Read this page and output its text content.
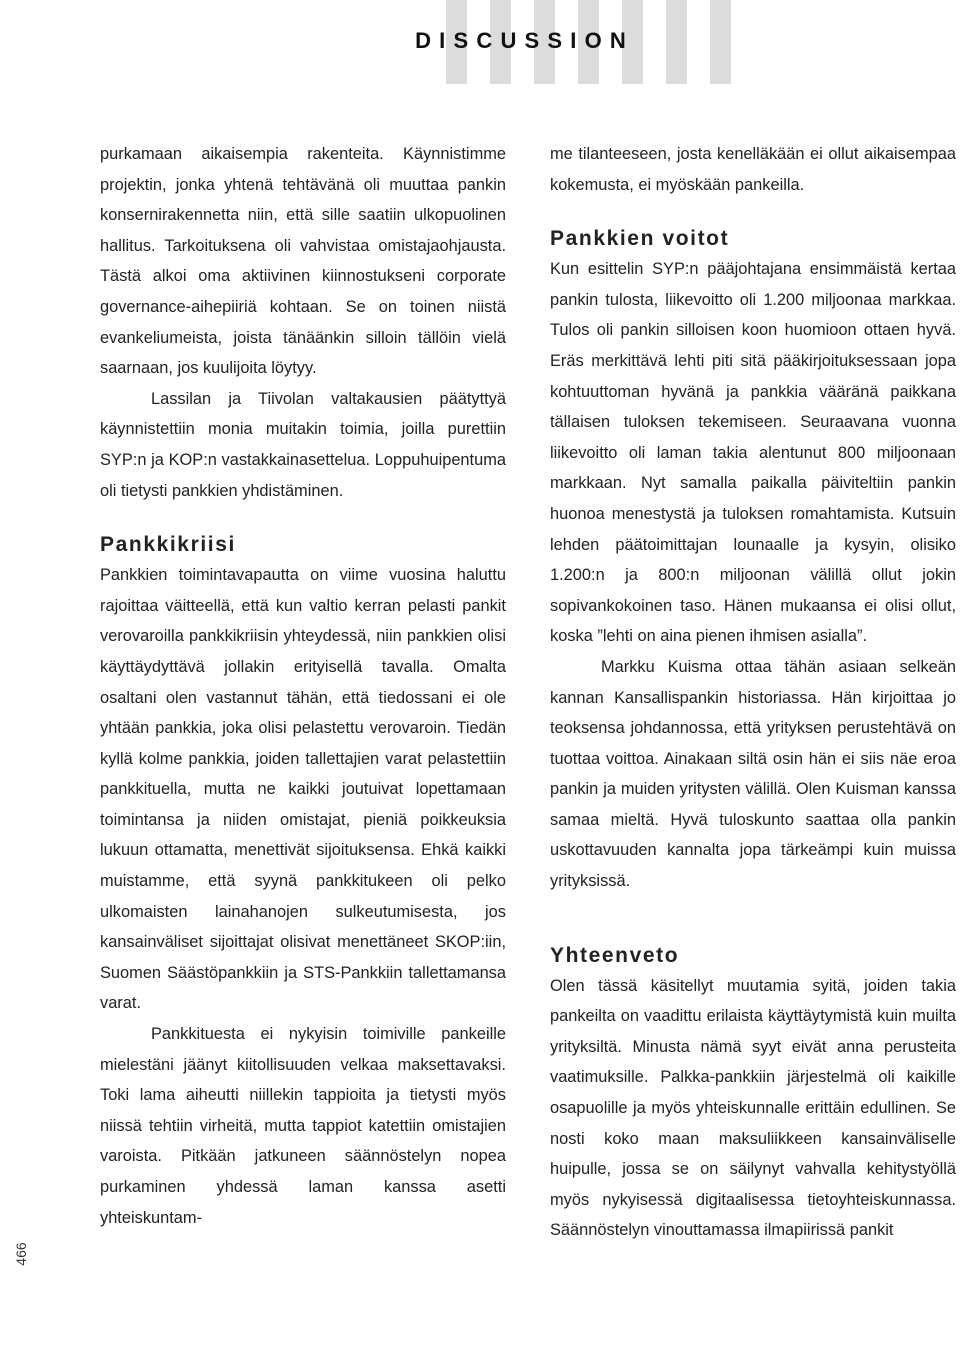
DISCUSSION
466

purkamaan aikaisempia rakenteita. Käynnistimme projektin, jonka yhtenä tehtävänä oli muuttaa pankin konsernirakennetta niin, että sille saatiin ulkopuolinen hallitus. Tarkoituksena oli vahvistaa omistajaohjausta. Tästä alkoi oma aktiivinen kiinnostukseni corporate governance-aihepiiriä kohtaan. Se on toinen niistä evankeliumeista, joista tänäänkin silloin tällöin vielä saarnaan, jos kuulijoita löytyy.

Lassilan ja Tiivolan valtakausien päätyttyä käynnistettiin monia muitakin toimia, joilla purettiin SYP:n ja KOP:n vastakkainasettelua. Loppuhuipentuma oli tietysti pankkien yhdistäminen.

Pankkikriisi

Pankkien toimintavapautta on viime vuosina haluttu rajoittaa väitteellä, että kun valtio kerran pelasti pankit verovaroilla pankkikriisin yhteydessä, niin pankkien olisi käyttäydyttävä jollakin erityisellä tavalla. Omalta osaltani olen vastannut tähän, että tiedossani ei ole yhtään pankkia, joka olisi pelastettu verovaroin. Tiedän kyllä kolme pankkia, joiden tallettajien varat pelastettiin pankkituella, mutta ne kaikki joutuivat lopettamaan toimintansa ja niiden omistajat, pieniä poikkeuksia lukuun ottamatta, menettivät sijoituksensa. Ehkä kaikki muistamme, että syynä pankkitukeen oli pelko ulkomaisten lainahanojen sulkeutumisesta, jos kansainväliset sijoittajat olisivat menettäneet SKOP:iin, Suomen Säästöpankkiin ja STS-Pankkiin tallettamansa varat.

Pankkituesta ei nykyisin toimiville pankeille mielestäni jäänyt kiitollisuuden velkaa maksettavaksi. Toki lama aiheutti niillekin tappioita ja tietysti myös niissä tehtiin virheitä, mutta tappiot katettiin omistajien varoista. Pitkään jatkuneen säännöstelyn nopea purkaminen yhdessä laman kanssa asetti yhteiskuntam-

me tilanteeseen, josta kenelläkään ei ollut aikaisempaa kokemusta, ei myöskään pankeilla.

Pankkien voitot

Kun esittelin SYP:n pääjohtajana ensimmäistä kertaa pankin tulosta, liikevoitto oli 1.200 miljoonaa markkaa. Tulos oli pankin silloisen koon huomioon ottaen hyvä. Eräs merkittävä lehti piti sitä pääkirjoituksessaan jopa kohtuuttoman hyvänä ja pankkia vääränä paikkana tällaisen tuloksen tekemiseen. Seuraavana vuonna liikevoitto oli laman takia alentunut 800 miljoonaan markkaan. Nyt samalla paikalla päiviteltiin pankin huonoa menestystä ja tuloksen romahtamista. Kutsuin lehden päätoimittajan lounaalle ja kysyin, olisiko 1.200:n ja 800:n miljoonan välillä ollut jokin sopivankokoinen taso. Hänen mukaansa ei olisi ollut, koska ”lehti on aina pienen ihmisen asialla”.

Markku Kuisma ottaa tähän asiaan selkeän kannan Kansallispankin historiassa. Hän kirjoittaa jo teoksensa johdannossa, että yrityksen perustehtävä on tuottaa voittoa. Ainakaan siltä osin hän ei siis näe eroa pankin ja muiden yritysten välillä. Olen Kuisman kanssa samaa mieltä. Hyvä tuloskunto saattaa olla pankin uskottavuuden kannalta jopa tärkeämpi kuin muissa yrityksissä.

Yhteenveto

Olen tässä käsitellyt muutamia syitä, joiden takia pankeilta on vaadittu erilaista käyttäytymistä kuin muilta yrityksiltä. Minusta nämä syyt eivät anna perusteita vaatimuksille. Palkka-pankkiin järjestelmä oli kaikille osapuolille ja myös yhteiskunnalle erittäin edullinen. Se nosti koko maan maksuliikkeen kansainväliselle huipulle, jossa se on säilynyt vahvalla kehitystyöllä myös nykyisessä digitaalisessa tietoyhteiskunnassa. Säännöstelyn vinouttamassa ilmapiirissä pankit
